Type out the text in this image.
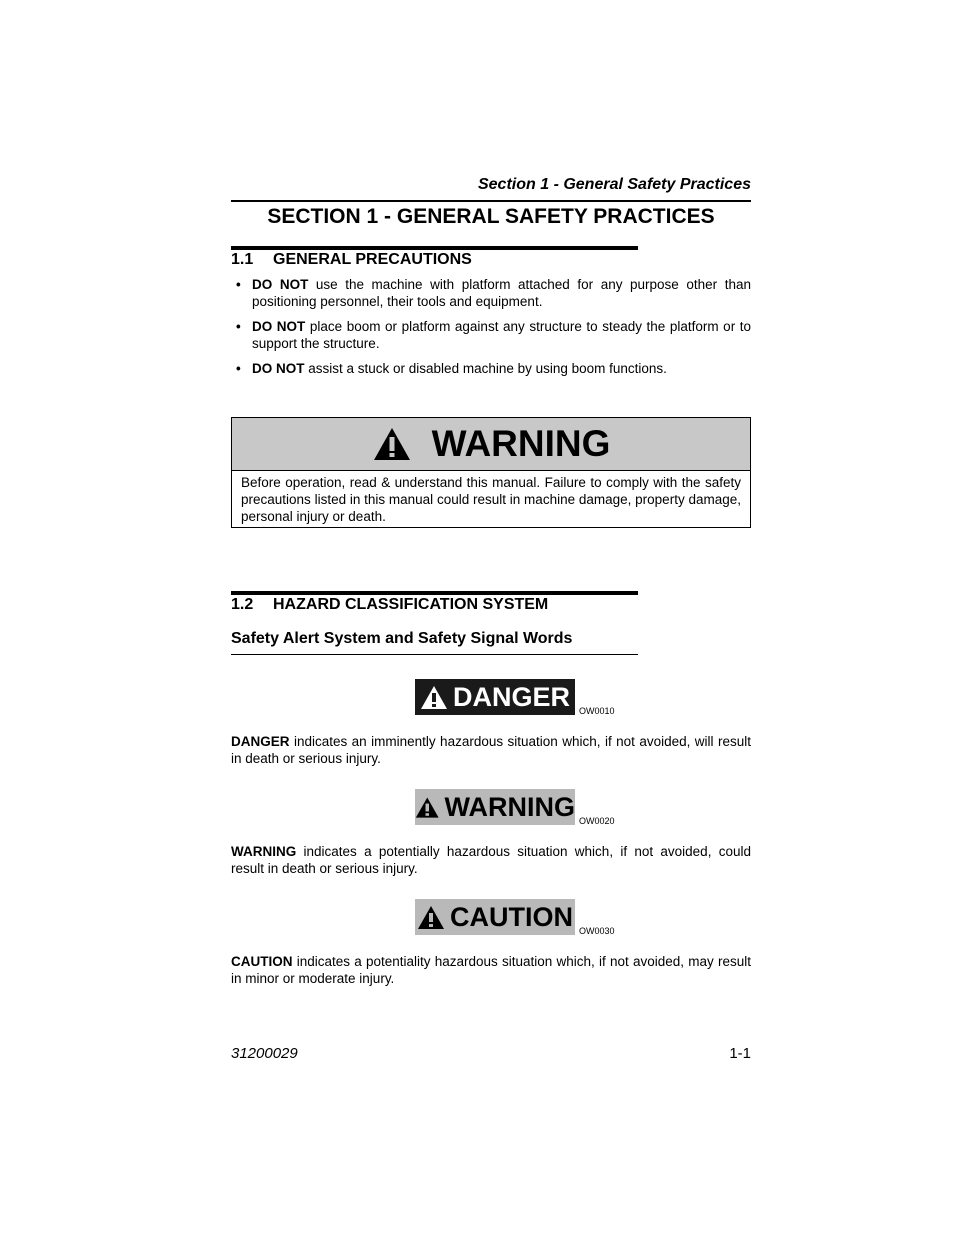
Section 1 - General Safety Practices
SECTION 1 - GENERAL SAFETY PRACTICES
1.1 GENERAL PRECAUTIONS
• DO NOT use the machine with platform attached for any purpose other than positioning personnel, their tools and equipment.
• DO NOT place boom or platform against any structure to steady the platform or to support the structure.
• DO NOT assist a stuck or disabled machine by using boom functions.
WARNING
Before operation, read & understand this manual. Failure to comply with the safety precautions listed in this manual could result in machine damage, property damage, personal injury or death.
1.2 HAZARD CLASSIFICATION SYSTEM
Safety Alert System and Safety Signal Words
DANGER OW0010
DANGER indicates an imminently hazardous situation which, if not avoided, will result in death or serious injury.
WARNING OW0020
WARNING indicates a potentially hazardous situation which, if not avoided, could result in death or serious injury.
CAUTION OW0030
CAUTION indicates a potentiality hazardous situation which, if not avoided, may result in minor or moderate injury.
31200029	1-1
